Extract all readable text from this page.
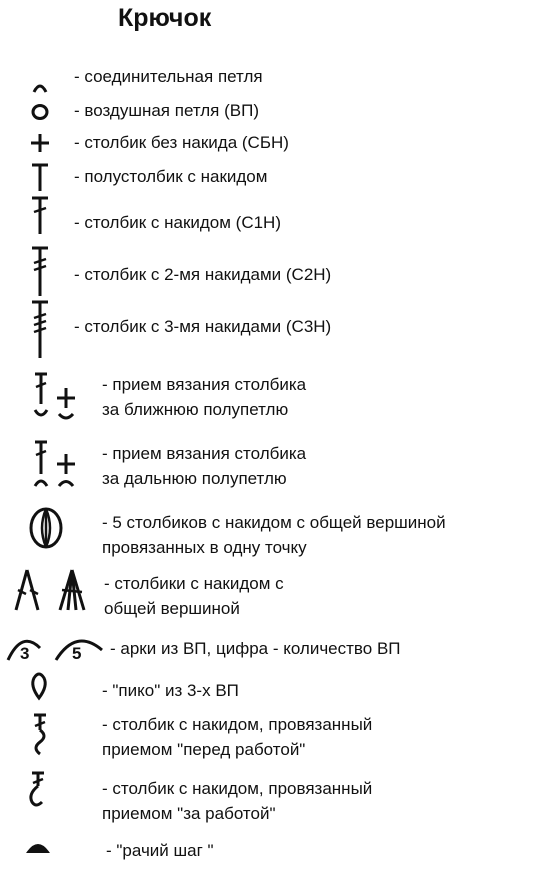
Крючок
- соединительная петля
- воздушная петля (ВП)
- столбик без накида (СБН)
- полустолбик с накидом
- столбик с накидом (С1Н)
- столбик с 2-мя накидами (С2Н)
- столбик с 3-мя накидами (С3Н)
- прием вязания столбика
за ближнюю полупетлю
- прием вязания столбика
за дальнюю полупетлю
- 5 столбиков с накидом с общей вершиной
провязанных в одну точку
- столбики с накидом с
общей вершиной
3	5 - арки из ВП, цифра - количество ВП
- "пико" из 3-х ВП
- столбик с накидом, провязанный
приемом "перед работой"
- столбик с накидом, провязанный
приемом "за работой"
- "рачий шаг "
